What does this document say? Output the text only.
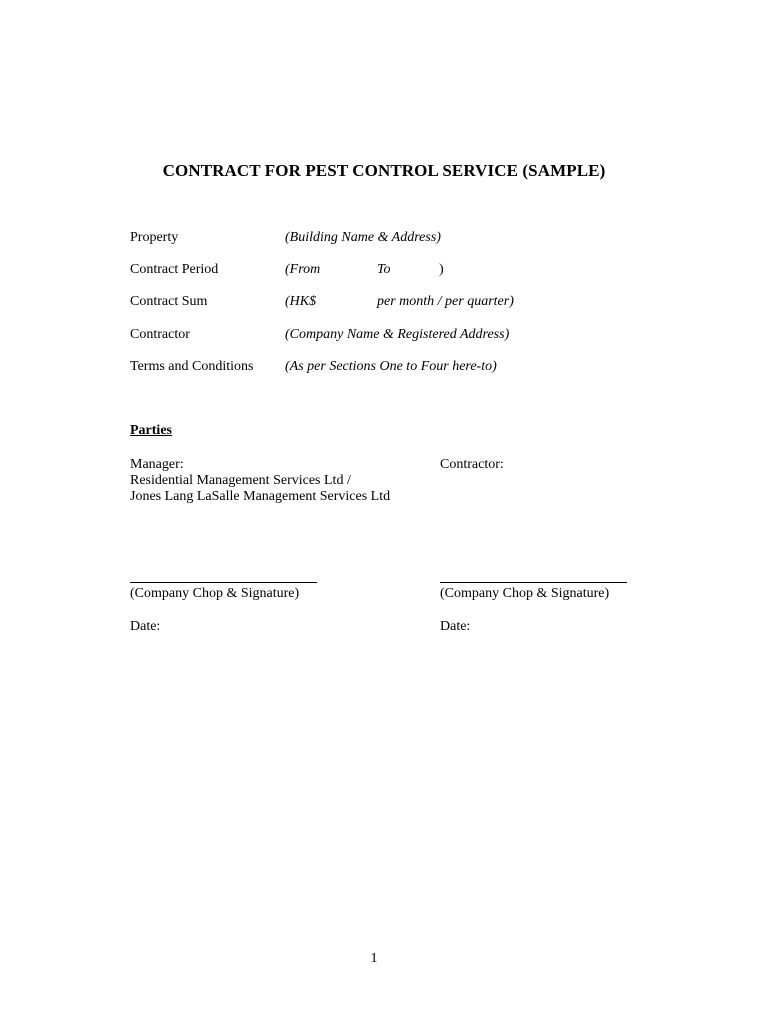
CONTRACT FOR PEST CONTROL SERVICE (SAMPLE)
Property	(Building Name & Address)
Contract Period	(From	To	)
Contract Sum	(HK$	per month / per quarter)
Contractor	(Company Name & Registered Address)
Terms and Conditions (As per Sections One to Four here-to)
Parties
Manager:
Residential Management Services Ltd /
Jones Lang LaSalle Management Services Ltd
Contractor:
(Company Chop & Signature)	(Company Chop & Signature)
Date:	Date:
1
